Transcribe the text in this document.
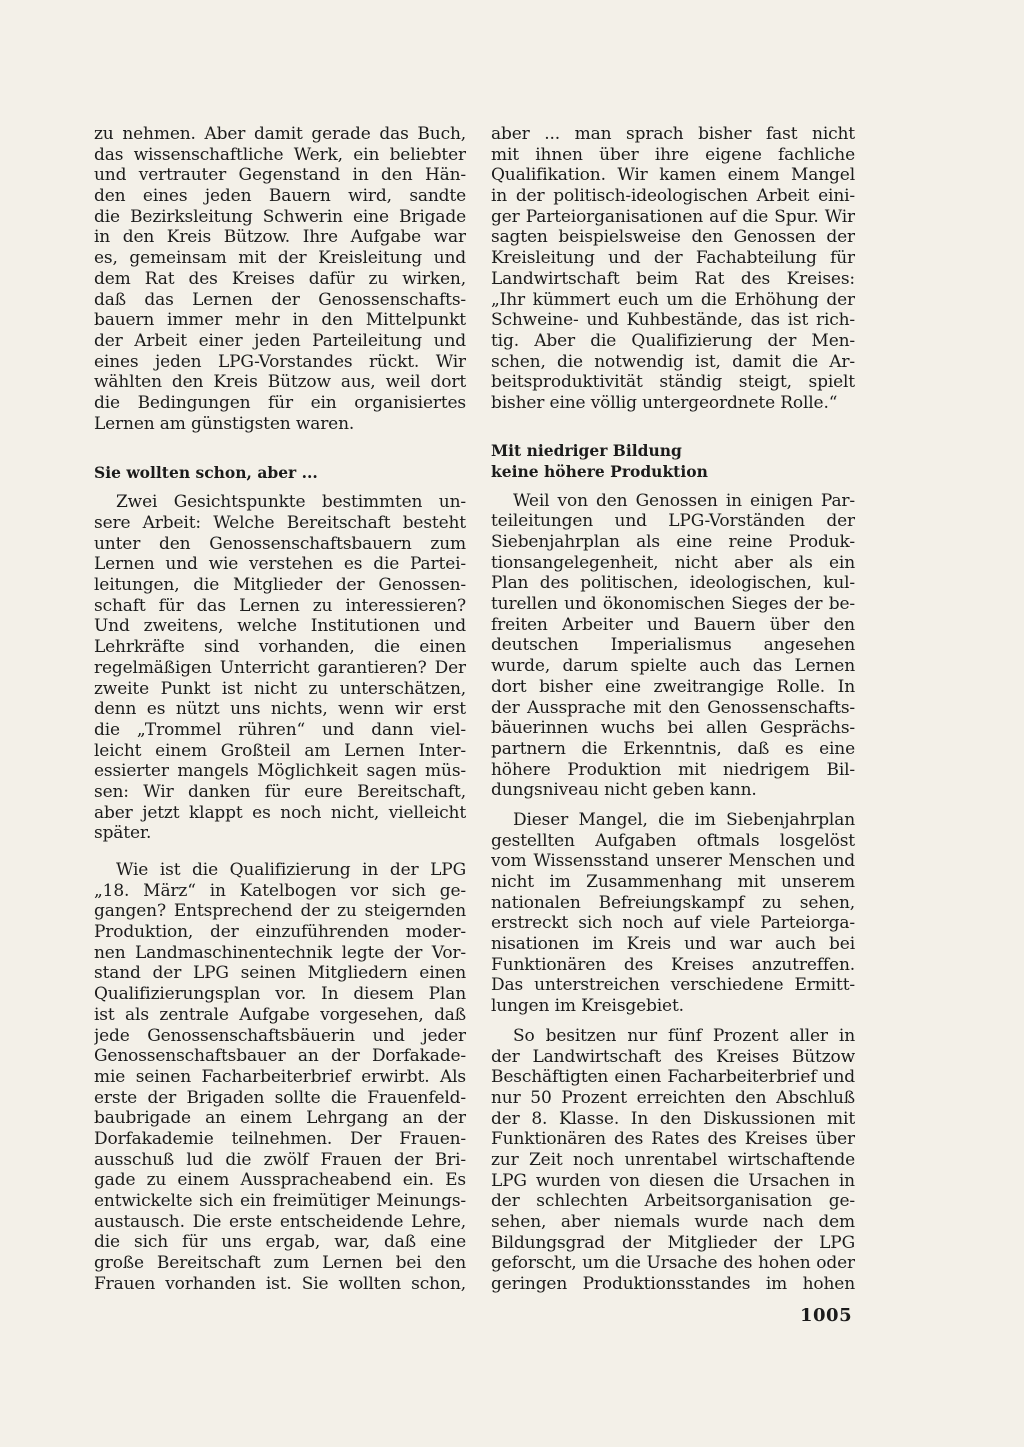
zu nehmen. Aber damit gerade das Buch,
das wissenschaftliche Werk, ein beliebter
und vertrauter Gegenstand in den Hän-
den eines jeden Bauern wird, sandte
die Bezirksleitung Schwerin eine Brigade
in den Kreis Bützow. Ihre Aufgabe war
es, gemeinsam mit der Kreisleitung und
dem Rat des Kreises dafür zu wirken,
daß das Lernen der Genossenschafts-
bauern immer mehr in den Mittelpunkt
der Arbeit einer jeden Parteileitung und
eines jeden LPG-Vorstandes rückt. Wir
wählten den Kreis Bützow aus, weil dort
die Bedingungen für ein organisiertes
Lernen am günstigsten waren.
Sie wollten schon, aber ...
Zwei Gesichtspunkte bestimmten un-
sere Arbeit: Welche Bereitschaft besteht
unter den Genossenschaftsbauern zum
Lernen und wie verstehen es die Partei-
leitungen, die Mitglieder der Genossen-
schaft für das Lernen zu interessieren?
Und zweitens, welche Institutionen und
Lehrkräfte sind vorhanden, die einen
regelmäßigen Unterricht garantieren? Der
zweite Punkt ist nicht zu unterschätzen,
denn es nützt uns nichts, wenn wir erst
die „Trommel rühren“ und dann viel-
leicht einem Großteil am Lernen Inter-
essierter mangels Möglichkeit sagen müs-
sen: Wir danken für eure Bereitschaft,
aber jetzt klappt es noch nicht, vielleicht
später.
Wie ist die Qualifizierung in der LPG
„18. März“ in Katelbogen vor sich ge-
gangen? Entsprechend der zu steigernden
Produktion, der einzuführenden moder-
nen Landmaschinentechnik legte der Vor-
stand der LPG seinen Mitgliedern einen
Qualifizierungsplan vor. In diesem Plan
ist als zentrale Aufgabe vorgesehen, daß
jede Genossenschaftsbäuerin und jeder
Genossenschaftsbauer an der Dorfakade-
mie seinen Facharbeiterbrief erwirbt. Als
erste der Brigaden sollte die Frauenfeld-
baubrigade an einem Lehrgang an der
Dorfakademie teilnehmen. Der Frauen-
ausschuß lud die zwölf Frauen der Bri-
gade zu einem Ausspracheabend ein. Es
entwickelte sich ein freimütiger Meinungs-
austausch. Die erste entscheidende Lehre,
die sich für uns ergab, war, daß eine
große Bereitschaft zum Lernen bei den
Frauen vorhanden ist. Sie wollten schon,
aber ... man sprach bisher fast nicht
mit ihnen über ihre eigene fachliche
Qualifikation. Wir kamen einem Mangel
in der politisch-ideologischen Arbeit eini-
ger Parteiorganisationen auf die Spur. Wir
sagten beispielsweise den Genossen der
Kreisleitung und der Fachabteilung für
Landwirtschaft beim Rat des Kreises:
„Ihr kümmert euch um die Erhöhung der
Schweine- und Kuhbestände, das ist rich-
tig. Aber die Qualifizierung der Men-
schen, die notwendig ist, damit die Ar-
beitsproduktivität ständig steigt, spielt
bisher eine völlig untergeordnete Rolle.“
Mit niedriger Bildung
keine höhere Produktion
Weil von den Genossen in einigen Par-
teileitungen und LPG-Vorständen der
Siebenjahrplan als eine reine Produk-
tionsangelegenheit, nicht aber als ein
Plan des politischen, ideologischen, kul-
turellen und ökonomischen Sieges der be-
freiten Arbeiter und Bauern über den
deutschen Imperialismus angesehen
wurde, darum spielte auch das Lernen
dort bisher eine zweitrangige Rolle. In
der Aussprache mit den Genossenschafts-
bäuerinnen wuchs bei allen Gesprächs-
partnern die Erkenntnis, daß es eine
höhere Produktion mit niedrigem Bil-
dungsniveau nicht geben kann.
Dieser Mangel, die im Siebenjahrplan
gestellten Aufgaben oftmals losgelöst
vom Wissensstand unserer Menschen und
nicht im Zusammenhang mit unserem
nationalen Befreiungskampf zu sehen,
erstreckt sich noch auf viele Parteiorga-
nisationen im Kreis und war auch bei
Funktionären des Kreises anzutreffen.
Das unterstreichen verschiedene Ermitt-
lungen im Kreisgebiet.
So besitzen nur fünf Prozent aller in
der Landwirtschaft des Kreises Bützow
Beschäftigten einen Facharbeiterbrief und
nur 50 Prozent erreichten den Abschluß
der 8. Klasse. In den Diskussionen mit
Funktionären des Rates des Kreises über
zur Zeit noch unrentabel wirtschaftende
LPG wurden von diesen die Ursachen in
der schlechten Arbeitsorganisation ge-
sehen, aber niemals wurde nach dem
Bildungsgrad der Mitglieder der LPG
geforscht, um die Ursache des hohen oder
geringen Produktionsstandes im hohen
1005
